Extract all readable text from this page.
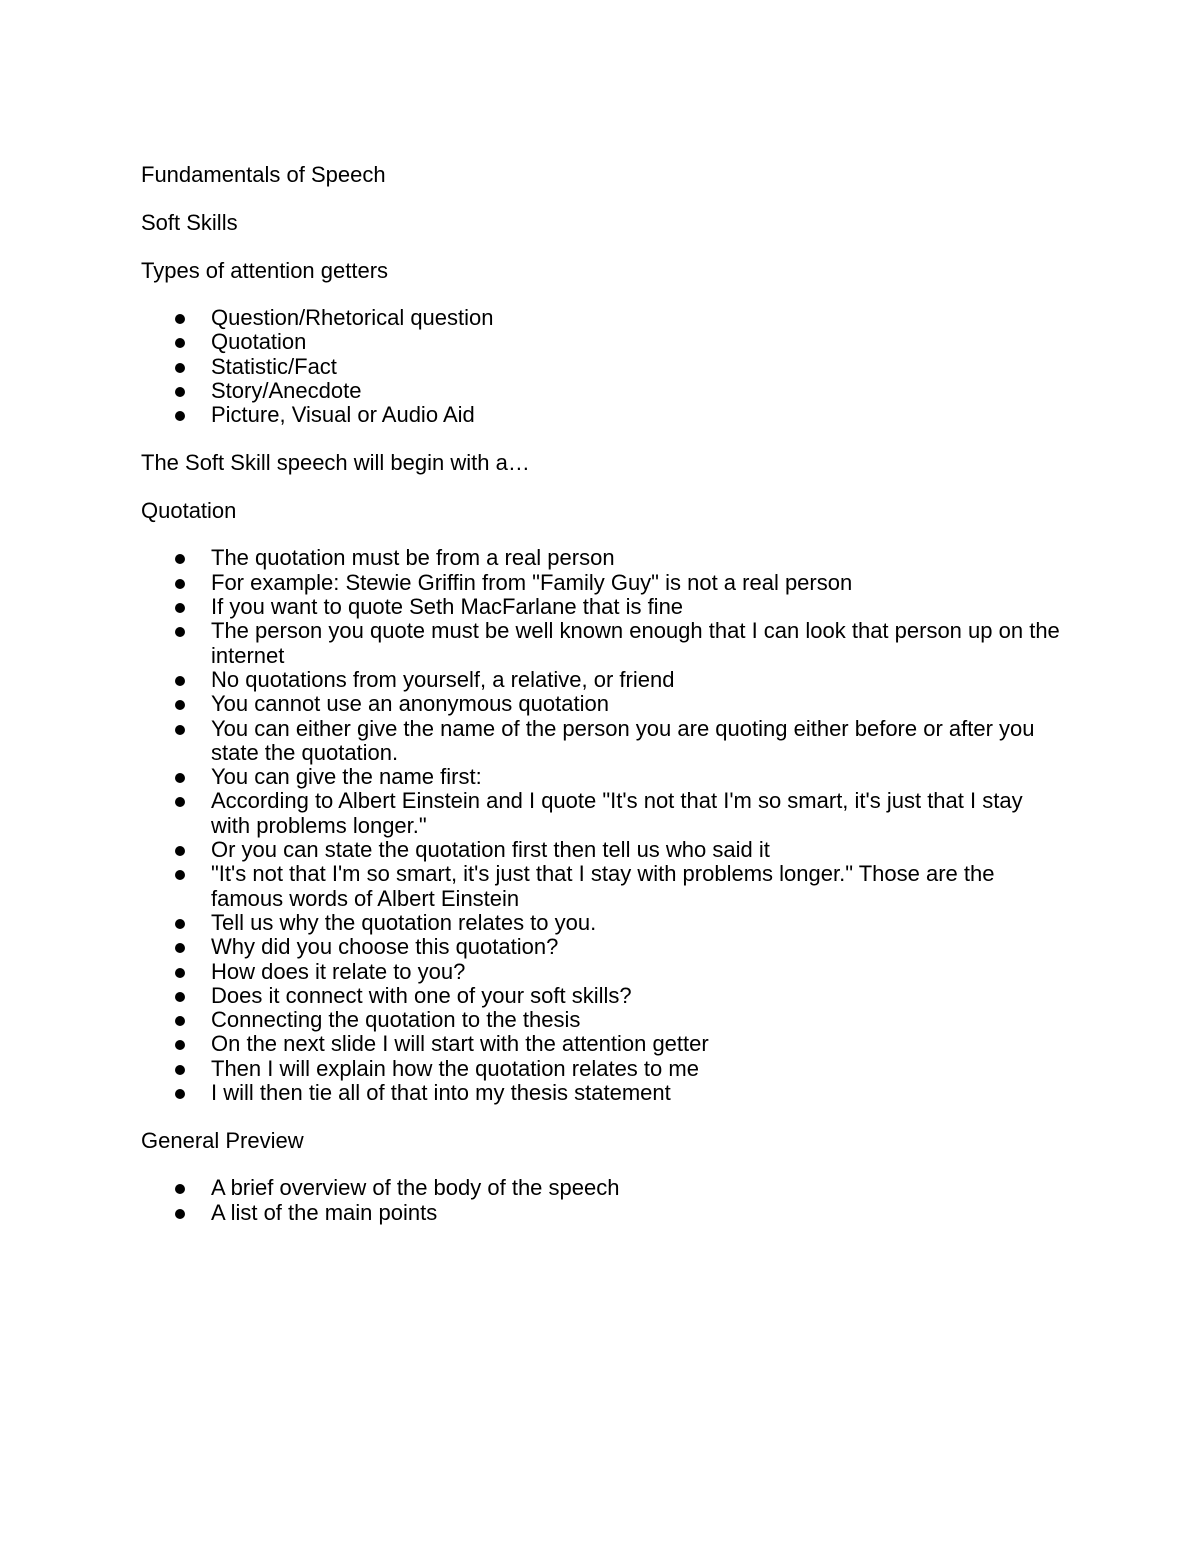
Fundamentals of Speech

Soft Skills

Types of attention getters

Question/Rhetorical question
Quotation
Statistic/Fact
Story/Anecdote
Picture, Visual or Audio Aid

The Soft Skill speech will begin with a…

Quotation

The quotation must be from a real person
For example: Stewie Griffin from "Family Guy" is not a real person
If you want to quote Seth MacFarlane that is fine
The person you quote must be well known enough that I can look that person up on the internet
No quotations from yourself, a relative, or friend
You cannot use an anonymous quotation
You can either give the name of the person you are quoting either before or after you state the quotation.
You can give the name first:
According to Albert Einstein and I quote "It's not that I'm so smart, it's just that I stay with problems longer."
Or you can state the quotation first then tell us who said it
"It's not that I'm so smart, it's just that I stay with problems longer." Those are the famous words of Albert Einstein
Tell us why the quotation relates to you.
Why did you choose this quotation?
How does it relate to you?
Does it connect with one of your soft skills?
Connecting the quotation to the thesis
On the next slide I will start with the attention getter
Then I will explain how the quotation relates to me
I will then tie all of that into my thesis statement

General Preview

A brief overview of the body of the speech
A list of the main points
